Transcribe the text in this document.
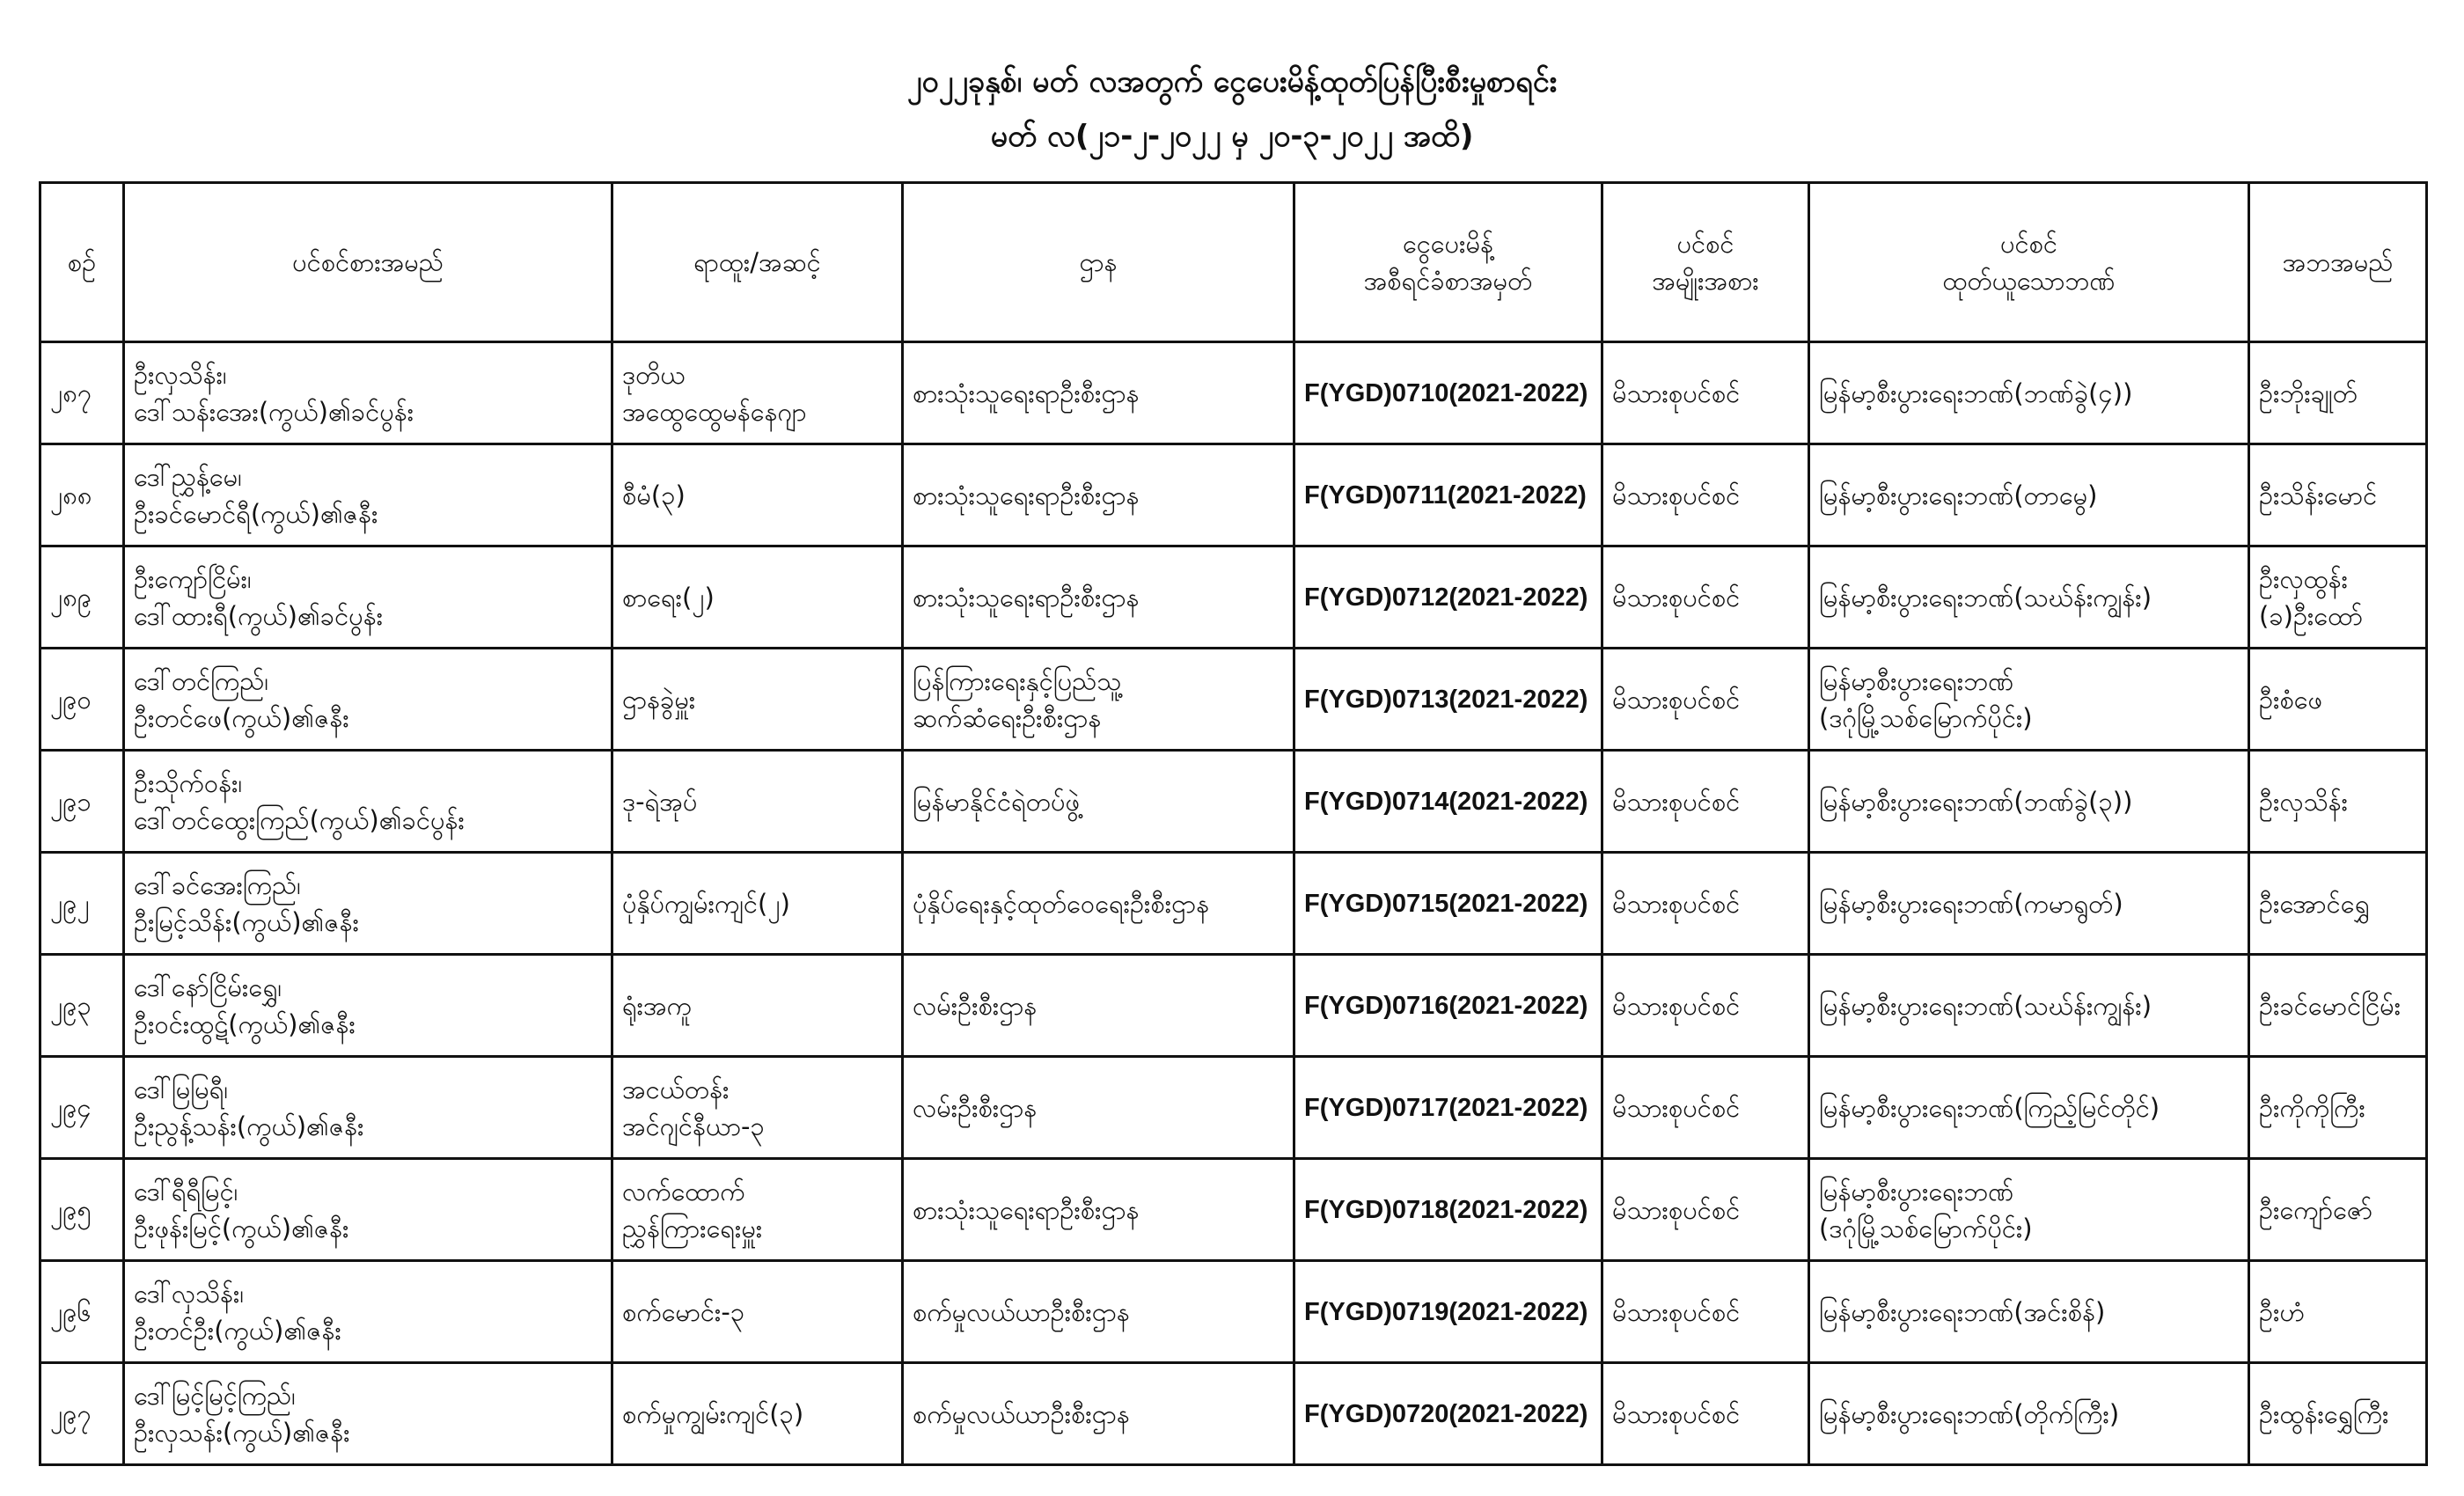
၂၀၂၂ခုနှစ်၊ မတ် လအတွက် ငွေပေးမိန့်ထုတ်ပြန်ပြီးစီးမှုစာရင်း
မတ် လ(၂၁-၂-၂၀၂၂ မှ ၂၀-၃-၂၀၂၂ အထိ)
စဉ်	ပင်စင်စားအမည်	ရာထူး/အဆင့်	ဌာန	ငွေပေးမိန့်
အစီရင်ခံစာအမှတ်	ပင်စင်
အမျိုးအစား	ပင်စင်
ထုတ်ယူသောဘဏ်	အဘအမည်

၂၈၇	ဦးလှသိန်း၊
ဒေါ်သန်းအေး(ကွယ်)၏ခင်ပွန်း	ဒုတိယ
အထွေထွေမန်နေဂျာ	စားသုံးသူရေးရာဦးစီးဌာန	F(YGD)0710(2021-2022)	မိသားစုပင်စင်	မြန်မာ့စီးပွားရေးဘဏ်(ဘဏ်ခွဲ(၄))	ဦးဘိုးချုတ်

၂၈၈	ဒေါ်ညွှန့်မေ၊
ဦးခင်မောင်ရီ(ကွယ်)၏ဇနီး	စီမံ(၃)	စားသုံးသူရေးရာဦးစီးဌာန	F(YGD)0711(2021-2022)	မိသားစုပင်စင်	မြန်မာ့စီးပွားရေးဘဏ်(တာမွေ)	ဦးသိန်းမောင်

၂၈၉	ဦးကျော်ငြိမ်း၊
ဒေါ်ထားရီ(ကွယ်)၏ခင်ပွန်း	စာရေး(၂)	စားသုံးသူရေးရာဦးစီးဌာန	F(YGD)0712(2021-2022)	မိသားစုပင်စင်	မြန်မာ့စီးပွားရေးဘဏ်(သဃ်န်းကျွန်း)	ဦးလှထွန်း
(ခ)ဦးထော်

၂၉၀	ဒေါ်တင်ကြည်၊
ဦးတင်ဖေ(ကွယ်)၏ဇနီး	ဌာနခွဲမှူး	ပြန်ကြားရေးနှင့်ပြည်သူ့
ဆက်ဆံရေးဦးစီးဌာန	F(YGD)0713(2021-2022)	မိသားစုပင်စင်	မြန်မာ့စီးပွားရေးဘဏ်
(ဒဂုံမြို့သစ်မြောက်ပိုင်း)	ဦးစံဖေ

၂၉၁	ဦးသိုက်ဝန်း၊
ဒေါ်တင်ထွေးကြည်(ကွယ်)၏ခင်ပွန်း	ဒု-ရဲအုပ်	မြန်မာနိုင်ငံရဲတပ်ဖွဲ့	F(YGD)0714(2021-2022)	မိသားစုပင်စင်	မြန်မာ့စီးပွားရေးဘဏ်(ဘဏ်ခွဲ(၃))	ဦးလှသိန်း

၂၉၂	ဒေါ်ခင်အေးကြည်၊
ဦးမြင့်သိန်း(ကွယ်)၏ဇနီး	ပုံနှိပ်ကျွမ်းကျင်(၂)	ပုံနှိပ်ရေးနှင့်ထုတ်ဝေရေးဦးစီးဌာန	F(YGD)0715(2021-2022)	မိသားစုပင်စင်	မြန်မာ့စီးပွားရေးဘဏ်(ကမာရွတ်)	ဦးအောင်ရွှေ

၂၉၃	ဒေါ်နော်ငြိမ်းရွှေ၊
ဦးဝင်းထွဋ်(ကွယ်)၏ဇနီး	ရုံးအကူ	လမ်းဦးစီးဌာန	F(YGD)0716(2021-2022)	မိသားစုပင်စင်	မြန်မာ့စီးပွားရေးဘဏ်(သဃ်န်းကျွန်း)	ဦးခင်မောင်ငြိမ်း

၂၉၄	ဒေါ်မြမြရီ၊
ဦးညွန့်သန်း(ကွယ်)၏ဇနီး	အငယ်တန်း
အင်ဂျင်နီယာ-၃	လမ်းဦးစီးဌာန	F(YGD)0717(2021-2022)	မိသားစုပင်စင်	မြန်မာ့စီးပွားရေးဘဏ်(ကြည့်မြင်တိုင်)	ဦးကိုကိုကြီး

၂၉၅	ဒေါ်ရီရီမြင့်၊
ဦးဖုန်းမြင့်(ကွယ်)၏ဇနီး	လက်ထောက်
ညွှန်ကြားရေးမှူး	စားသုံးသူရေးရာဦးစီးဌာန	F(YGD)0718(2021-2022)	မိသားစုပင်စင်	မြန်မာ့စီးပွားရေးဘဏ်
(ဒဂုံမြို့သစ်မြောက်ပိုင်း)	ဦးကျော်ဇော်

၂၉၆	ဒေါ်လှသိန်း၊
ဦးတင်ဦး(ကွယ်)၏ဇနီး	စက်မောင်း-၃	စက်မှုလယ်ယာဦးစီးဌာန	F(YGD)0719(2021-2022)	မိသားစုပင်စင်	မြန်မာ့စီးပွားရေးဘဏ်(အင်းစိန်)	ဦးဟံ

၂၉၇	ဒေါ်မြင့်မြင့်ကြည်၊
ဦးလှသန်း(ကွယ်)၏ဇနီး	စက်မှုကျွမ်းကျင်(၃)	စက်မှုလယ်ယာဦးစီးဌာန	F(YGD)0720(2021-2022)	မိသားစုပင်စင်	မြန်မာ့စီးပွားရေးဘဏ်(တိုက်ကြီး)	ဦးထွန်းရွှေကြီး
